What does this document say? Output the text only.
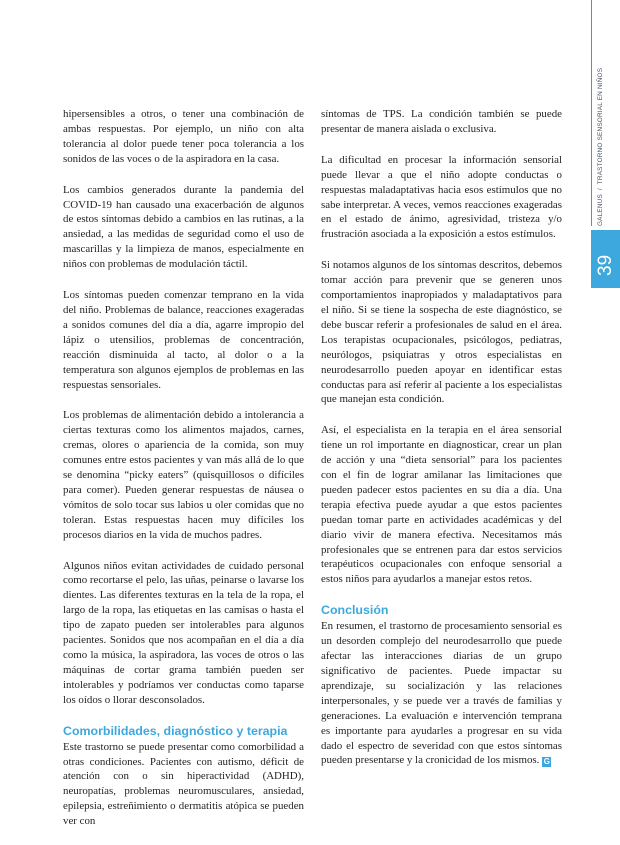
hipersensibles a otros, o tener una combinación de ambas respuestas. Por ejemplo, un niño con alta tolerancia al dolor puede tener poca tolerancia a los sonidos de las voces o de la aspiradora en la casa.

Los cambios generados durante la pandemia del COVID-19 han causado una exacerbación de algunos de estos síntomas debido a cambios en las rutinas, a la ansiedad, a las medidas de seguridad como el uso de mascarillas y la limpieza de manos, especialmente en niños con problemas de modulación táctil.

Los síntomas pueden comenzar temprano en la vida del niño. Problemas de balance, reacciones exageradas a sonidos comunes del día a día, agarre impropio del lápiz o utensilios, problemas de concentración, reacción disminuida al tacto, al dolor o a la temperatura son algunos ejemplos de problemas en las respuestas sensoriales.

Los problemas de alimentación debido a intolerancia a ciertas texturas como los alimentos majados, carnes, cremas, olores o apariencia de la comida, son muy comunes entre estos pacientes y van más allá de lo que se denomina “picky eaters” (quisquillosos o difíciles para comer). Pueden generar respuestas de náusea o vómitos de solo tocar sus labios u oler comidas que no toleran. Estas respuestas hacen muy difíciles los procesos diarios en la vida de muchos padres.

Algunos niños evitan actividades de cuidado personal como recortarse el pelo, las uñas, peinarse o lavarse los dientes. Las diferentes texturas en la tela de la ropa, el largo de la ropa, las etiquetas en las camisas o hasta el tipo de zapato pueden ser intolerables para algunos pacientes. Sonidos que nos acompañan en el día a día como la música, la aspiradora, las voces de otros o las máquinas de cortar grama también pueden ser intolerables y podríamos ver conductas como taparse los oídos o llorar desconsolados.

Comorbilidades, diagnóstico y terapia

Este trastorno se puede presentar como comorbilidad a otras condiciones. Pacientes con autismo, déficit de atención con o sin hiperactividad (ADHD), neuropatías, problemas neuromusculares, ansiedad, epilepsia, estreñimiento o dermatitis atópica se pueden ver con

síntomas de TPS. La condición también se puede presentar de manera aislada o exclusiva.

La dificultad en procesar la información sensorial puede llevar a que el niño adopte conductas o respuestas maladaptativas hacia esos estímulos que no sabe interpretar. A veces, vemos reacciones exageradas en el estado de ánimo, agresividad, tristeza y/o frustración asociada a la exposición a estos estímulos.

Si notamos algunos de los síntomas descritos, debemos tomar acción para prevenir que se generen unos comportamientos inapropiados y maladaptativos para el niño. Si se tiene la sospecha de este diagnóstico, se debe buscar referir a profesionales de salud en el área. Los terapistas ocupacionales, psicólogos, pediatras, neurólogos, psiquiatras y otros especialistas en neurodesarrollo pueden apoyar en identificar estas conductas para así referir al paciente a los especialistas que manejan esta condición.

Así, el especialista en la terapia en el área sensorial tiene un rol importante en diagnosticar, crear un plan de acción y una “dieta sensorial” para los pacientes con el fin de lograr amilanar las limitaciones que pueden padecer estos pacientes en su día a día. Una terapia efectiva puede ayudar a que estos pacientes puedan tomar parte en actividades académicas y del diario vivir de manera efectiva. Necesitamos más profesionales que se entrenen para dar estos servicios terapéuticos ocupacionales con enfoque sensorial a estos niños para ayudarlos a manejar estos retos.

Conclusión

En resumen, el trastorno de procesamiento sensorial es un desorden complejo del neurodesarrollo que puede afectar las interacciones diarias de un grupo significativo de pacientes. Puede impactar su aprendizaje, su socialización y las relaciones interpersonales, y se puede ver a través de familias y generaciones. La evaluación e intervención temprana es importante para ayudarles a progresar en su vida dado el espectro de severidad con que estos síntomas pueden presentarse y la cronicidad de los mismos. G

GALENUS / TRASTORNO SENSORIAL EN NIÑOS
39
